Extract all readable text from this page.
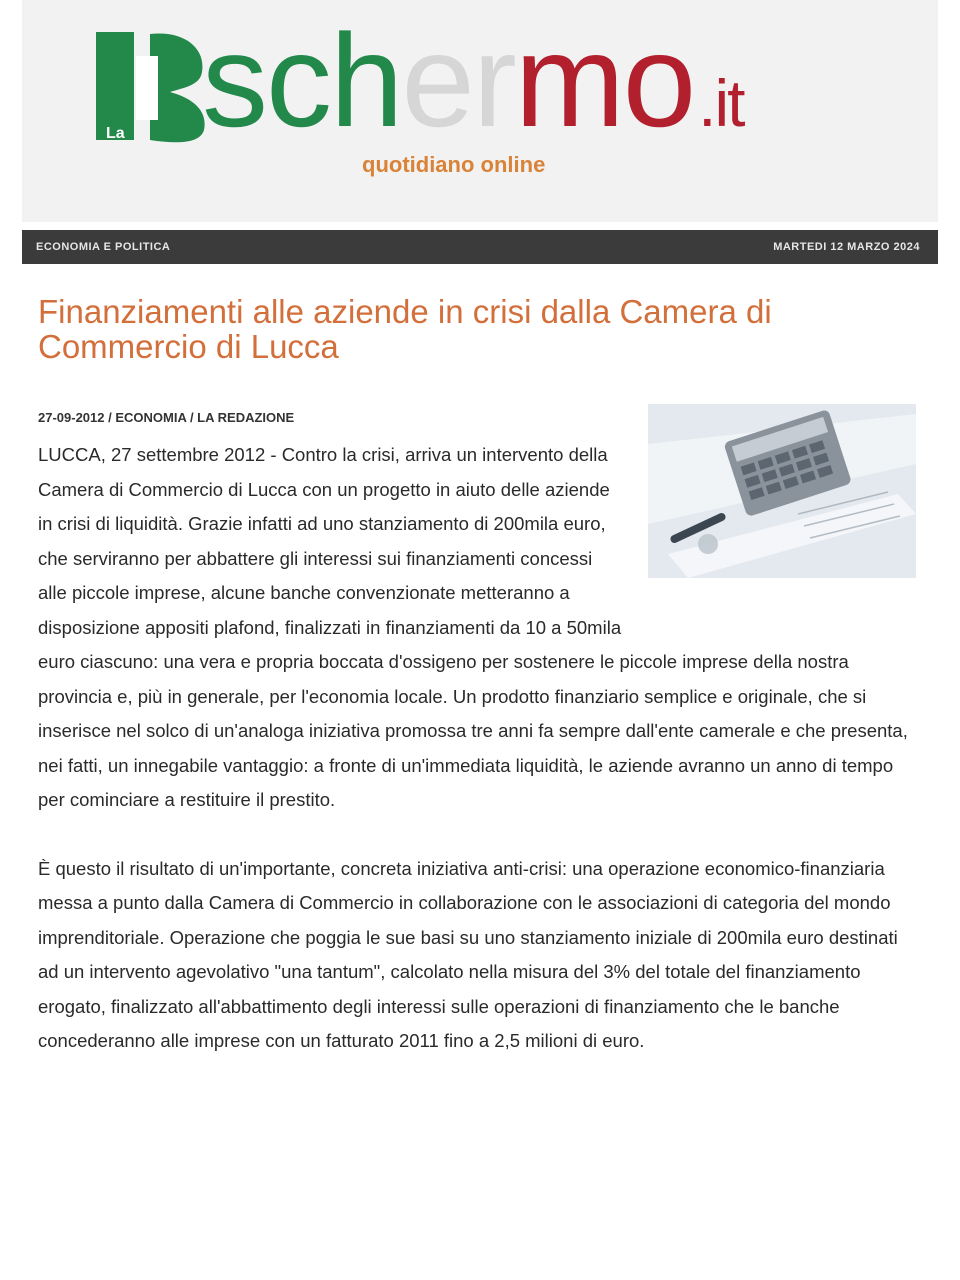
La schermo.it
quotidiano online
ECONOMIA E POLITICA	MARTEDI 12 MARZO 2024
Finanziamenti alle aziende in crisi dalla Camera di Commercio di Lucca
27-09-2012 / ECONOMIA / LA REDAZIONE

LUCCA, 27 settembre 2012 - Contro la crisi, arriva un intervento della Camera di Commercio di Lucca con un progetto in aiuto delle aziende in crisi di liquidità. Grazie infatti ad uno stanziamento di 200mila euro, che serviranno per abbattere gli interessi sui finanziamenti concessi alle piccole imprese, alcune banche convenzionate metteranno a disposizione appositi plafond, finalizzati in finanziamenti da 10 a 50mila euro ciascuno: una vera e propria boccata d'ossigeno per sostenere le piccole imprese della nostra provincia e, più in generale, per l'economia locale. Un prodotto finanziario semplice e originale, che si inserisce nel solco di un'analoga iniziativa promossa tre anni fa sempre dall'ente camerale e che presenta, nei fatti, un innegabile vantaggio: a fronte di un'immediata liquidità, le aziende avranno un anno di tempo per cominciare a restituire il prestito.

È questo il risultato di un'importante, concreta iniziativa anti-crisi: una operazione economico-finanziaria messa a punto dalla Camera di Commercio in collaborazione con le associazioni di categoria del mondo imprenditoriale. Operazione che poggia le sue basi su uno stanziamento iniziale di 200mila euro destinati ad un intervento agevolativo "una tantum", calcolato nella misura del 3% del totale del finanziamento erogato, finalizzato all'abbattimento degli interessi sulle operazioni di finanziamento che le banche concederanno alle imprese con un fatturato 2011 fino a 2,5 milioni di euro.
